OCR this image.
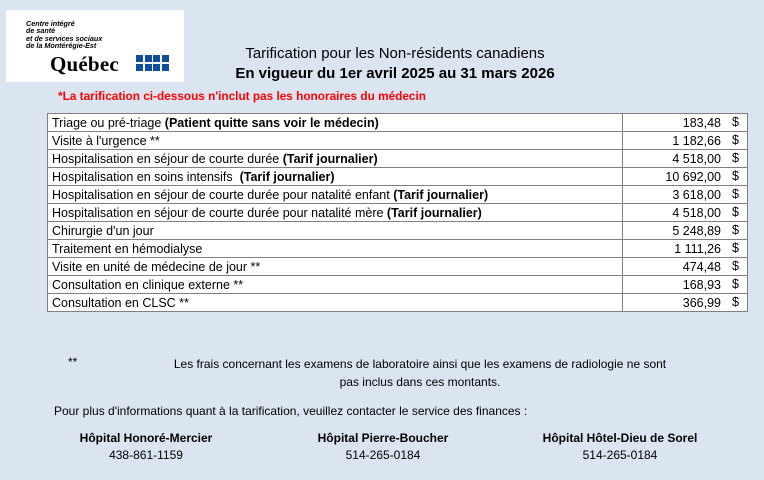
Centre intégré
de santé
et de services sociaux
de la Montérégie-Est
Québec	Tarification pour les Non-résidents canadiens
En vigueur du 1er avril 2025 au 31 mars 2026
*La tarification ci-dessous n'inclut pas les honoraires du médecin
Triage ou pré-triage (Patient quitte sans voir le médecin)	183,48 $

Visite à l'urgence **	1 182,66 $

Hospitalisation en séjour de courte durée (Tarif journalier)	4 518,00 $

Hospitalisation en soins intensifs  (Tarif journalier)	10 692,00 $

Hospitalisation en séjour de courte durée pour natalité enfant (Tarif journalier)	3 618,00 $

Hospitalisation en séjour de courte durée pour natalité mère (Tarif journalier)	4 518,00 $

Chirurgie d'un jour	5 248,89 $

Traitement en hémodialyse	1 111,26 $

Visite en unité de médecine de jour **	474,48 $

Consultation en clinique externe **	168,93 $

Consultation en CLSC **	366,99 $
**	Les frais concernant les examens de laboratoire ainsi que les examens de radiologie ne sont
pas inclus dans ces montants.
Pour plus d'informations quant à la tarification, veuillez contacter le service des finances :
Hôpital Honoré-Mercier
438-861-1159
Hôpital Pierre-Boucher
514-265-0184
Hôpital Hôtel-Dieu de Sorel
514-265-0184
